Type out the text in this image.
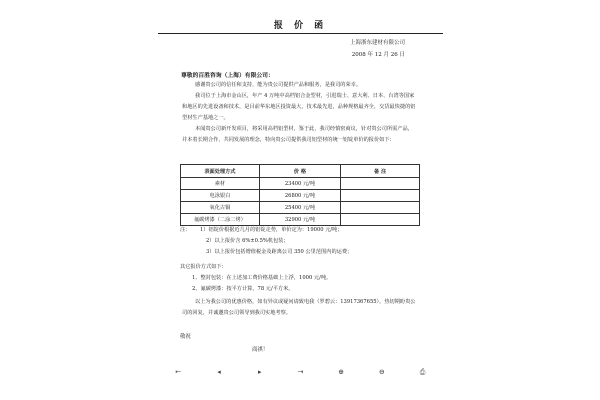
报 价 函
上海浙东建材有限公司
2008 年 12 月 26 日
尊敬的百胜咨询（上海）有限公司：

感谢贵公司的信任和支持，能为贵公司提供产品和服务，是我司的荣幸。

我司位于上海市金山区，年产 4 万吨中高档铝合金型材，引进瑞士、意大利、日本、台湾等国家和地区的先进设备和技术，是目前华东地区投资最大，技术最先进，品种规格最齐全，交货最快捷的铝型材生产基地之一。

本闻贵公司新开发项目，将采用高档铝型材，鉴于此，我司经慎密商议，针对贵公司所需产品，并本着长期合作、共同发展的理念，特向贵公司提供我司铝型材的统一铝锭单价的报价如下：

表面处理方式	价 格	备 注
素材	23400 元/吨	
电泳银白	26800 元/吨	
氧化古铜	25400 元/吨	
氟碳烤漆（二涂二烤）	32900 元/吨	
注： 1）铝锭价根据近几月的铝锭走势，单价定为：19000 元/吨；
2）以上报价含 6%±0.5%机包装；
3）以上报价包括增值税金及距离公司 350 公里范围内的运费；
其它报价方式如下：
1、整封包装：在上述加工费价格基础上上浮，1000 元/吨。
2、氟碳烤漆：按平方计算，78 元/平方米。

以上为我公司的优惠价格，如有异议或疑问请致电我（罗碧云：13917367655），热切期盼贵公司的回复，并诚邀贵公司领导到我司实地考察。

敬祝
商祺！
⇤	◂	▸	⇥	⊕	⊖	⎙
